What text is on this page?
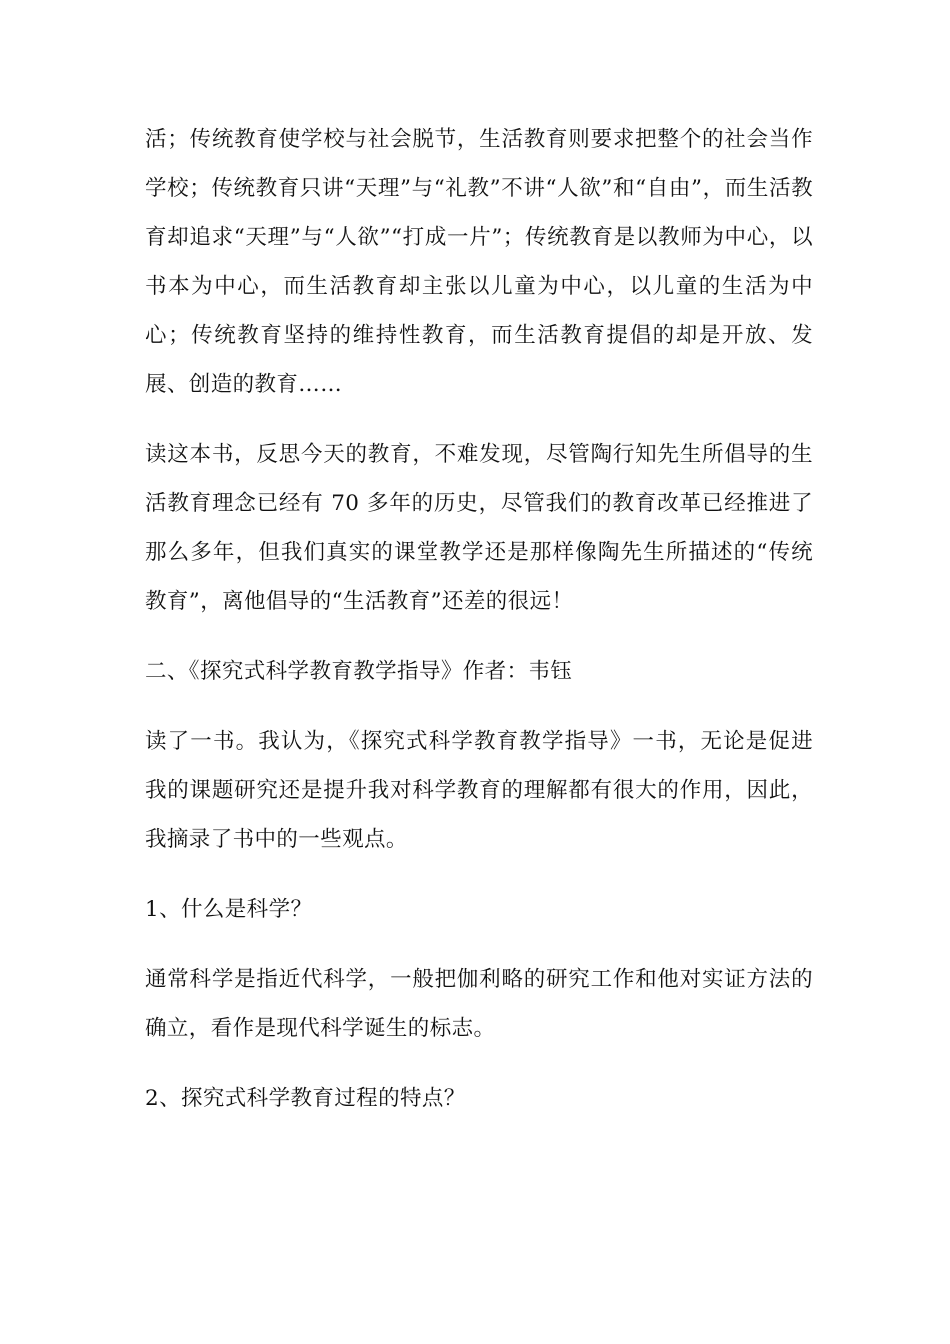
活；传统教育使学校与社会脱节，生活教育则要求把整个的社会当作学校；传统教育只讲“天理”与“礼教”不讲“人欲”和“自由”，而生活教育却追求“天理”与“人欲”“打成一片”；传统教育是以教师为中心，以书本为中心，而生活教育却主张以儿童为中心，以儿童的生活为中心；传统教育坚持的维持性教育，而生活教育提倡的却是开放、发展、创造的教育……

读这本书，反思今天的教育，不难发现，尽管陶行知先生所倡导的生活教育理念已经有 70 多年的历史，尽管我们的教育改革已经推进了那么多年，但我们真实的课堂教学还是那样像陶先生所描述的“传统教育”，离他倡导的“生活教育”还差的很远！

二、《探究式科学教育教学指导》作者：韦钰

读了一书。我认为，《探究式科学教育教学指导》一书，无论是促进我的课题研究还是提升我对科学教育的理解都有很大的作用，因此，我摘录了书中的一些观点。

1、什么是科学？

通常科学是指近代科学，一般把伽利略的研究工作和他对实证方法的确立，看作是现代科学诞生的标志。

2、探究式科学教育过程的特点？
